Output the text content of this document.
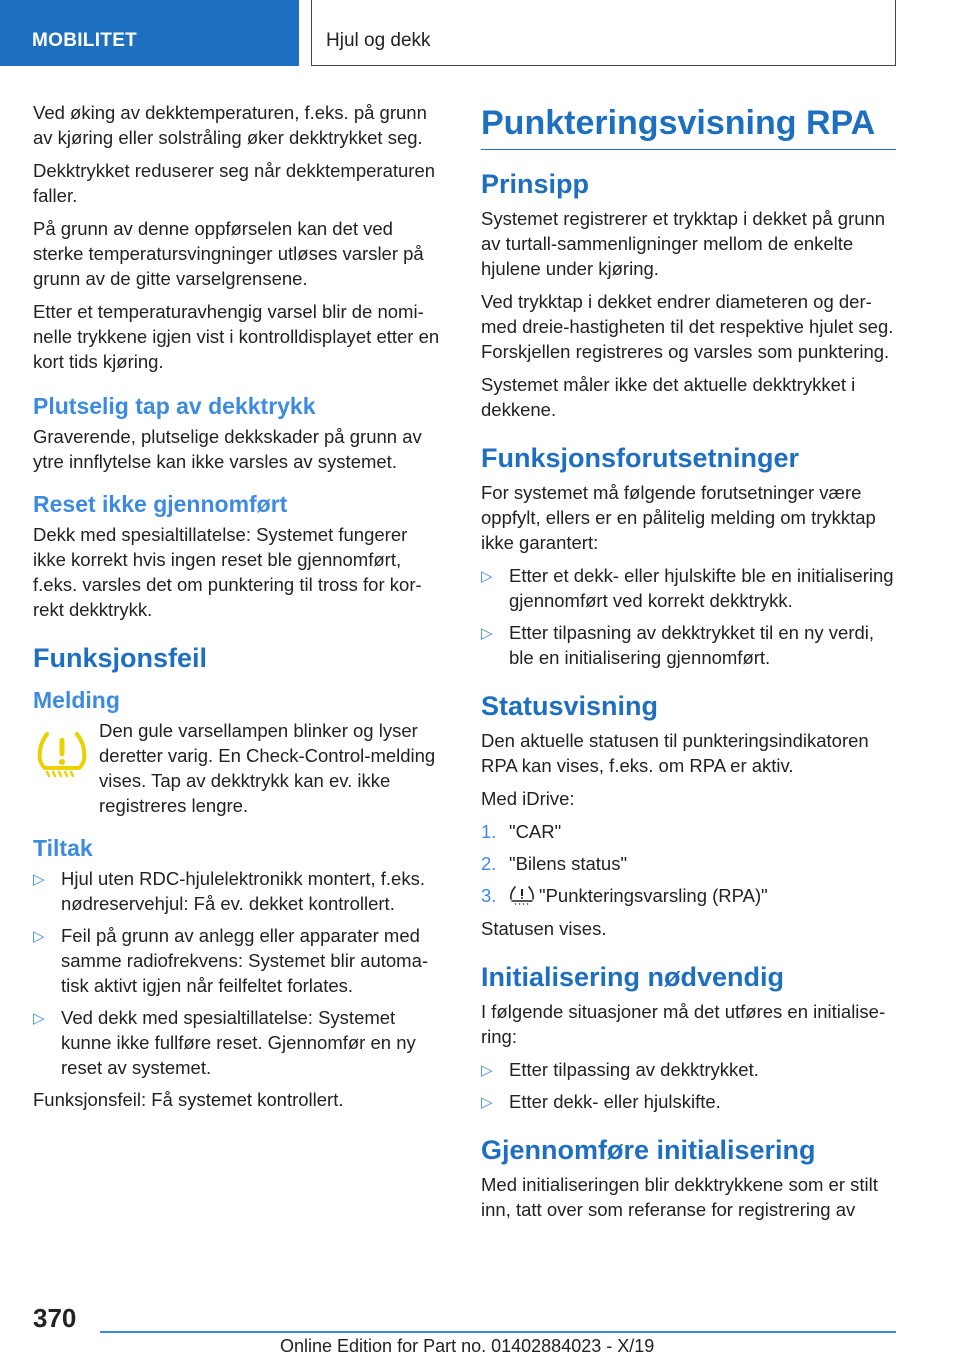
MOBILITET	Hjul og dekk

Ved øking av dekktemperaturen, f.eks. på grunn av kjøring eller solstråling øker dekktrykket seg.

Dekktrykket reduserer seg når dekktemperaturen faller.

På grunn av denne oppførselen kan det ved sterke temperatursvingninger utløses varsler på grunn av de gitte varselgrensene.

Etter et temperaturavhengig varsel blir de nominelle trykkene igjen vist i kontrolldisplayet etter en kort tids kjøring.

Plutselig tap av dekktrykk

Graverende, plutselige dekkskader på grunn av ytre innflytelse kan ikke varsles av systemet.

Reset ikke gjennomført

Dekk med spesialtillatelse: Systemet fungerer ikke korrekt hvis ingen reset ble gjennomført, f.eks. varsles det om punktering til tross for korrekt dekktrykk.

Funksjonsfeil
Melding

Den gule varsellampen blinker og lyser deretter varig. En Check-Control-melding vises. Tap av dekktrykk kan ev. ikke registreres lengre.

Tiltak
▷ Hjul uten RDC-hjulelektronikk montert, f.eks. nødreservehjul: Få ev. dekket kontrollert.
▷ Feil på grunn av anlegg eller apparater med samme radiofrekvens: Systemet blir automatisk aktivt igjen når feilfeltet forlates.
▷ Ved dekk med spesialtillatelse: Systemet kunne ikke fullføre reset. Gjennomfør en ny reset av systemet.

Funksjonsfeil: Få systemet kontrollert.

Punkteringsvisning RPA
Prinsipp

Systemet registrerer et trykktap i dekket på grunn av turtall-sammenligninger mellom de enkelte hjulene under kjøring.

Ved trykktap i dekket endrer diameteren og dermed dreie-hastigheten til det respektive hjulet seg. Forskjellen registreres og varsles som punktering.

Systemet måler ikke det aktuelle dekktrykket i dekkene.

Funksjonsforutsetninger

For systemet må følgende forutsetninger være oppfylt, ellers er en pålitelig melding om trykktap ikke garantert:

▷ Etter et dekk- eller hjulskifte ble en initialisering gjennomført ved korrekt dekktrykk.
▷ Etter tilpasning av dekktrykket til en ny verdi, ble en initialisering gjennomført.
Statusvisning

Den aktuelle statusen til punkteringsindikatoren RPA kan vises, f.eks. om RPA er aktiv.

Med iDrive:

1. "CAR"
2. "Bilens status"
3. "Punkteringsvarsling (RPA)"

Statusen vises.

Initialisering nødvendig

I følgende situasjoner må det utføres en initialisering:

▷ Etter tilpassing av dekktrykket.
▷ Etter dekk- eller hjulskifte.
Gjennomføre initialisering

Med initialiseringen blir dekktrykkene som er stilt inn, tatt over som referanse for registrering av

370
Online Edition for Part no. 01402884023 - X/19
